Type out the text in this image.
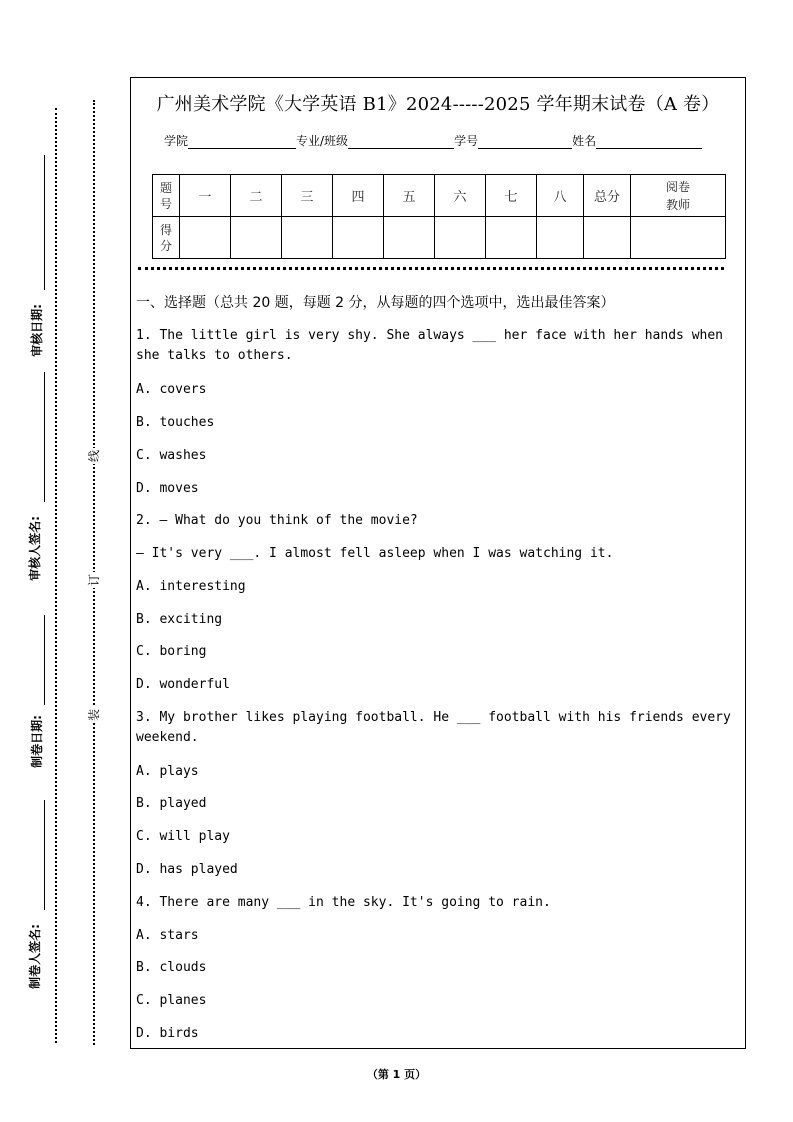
审核日期:
审核人签名:
制卷日期:
制卷人签名:
线
订
装
广州美术学院《大学英语 B1》2024-----2025 学年期末试卷（A 卷）
学院	专业/班级	学号	姓名
题号	一	二	三	四	五	六	七	八	总分	阅卷教师
得分										
一、选择题（总共 20 题，每题 2 分，从每题的四个选项中，选出最佳答案）
1. The little girl is very shy. She always ___ her face with her hands when she talks to others.
A. covers
B. touches
C. washes
D. moves
2. — What do you think of the movie?
— It's very ___. I almost fell asleep when I was watching it.
A. interesting
B. exciting
C. boring
D. wonderful
3. My brother likes playing football. He ___ football with his friends every weekend.
A. plays
B. played
C. will play
D. has played
4. There are many ___ in the sky. It's going to rain.
A. stars
B. clouds
C. planes
D. birds
（第 1 页）
